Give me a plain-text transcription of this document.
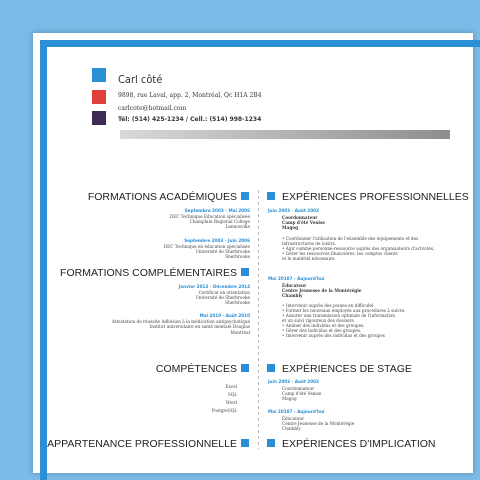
Carl côté
9898, rue Laval, app. 2, Montréal, Qc H1A 2B4
carlcote@hotmail.com
Tél: (514) 425-1234 / Cell.: (514) 998-1234
FORMATIONS ACADÉMIQUES
Septembre 2003 - Mai 2006
DEC Technique Éducation spécialisée
Champlain Regional College
Lennoxville
Septembre 2003 - Juin 2006
DEC Technique en éducation spécialisée
Université de Sherbrooke
Sherbrooke
FORMATIONS COMPLÉMENTAIRES
Janvier 2013 - Décembre 2014
Certificat en orientation
Université de Sherbrooke
Sherbrooke
Mai 2010 - Août 2010
Attestation de réussite Adhésion à la médication antipsychotique
Institut universitaire en santé mentale Douglas
Montréal
COMPÉTENCES
Excel
SQL
Word
PostgreSQL
APPARTENANCE PROFESSIONNELLE
EXPÉRIENCES PROFESSIONNELLES
Juin 2003 - Août 2003
Coordonnateur
Camp d'été Venise
Magog
• Coordonner l'utilisation de l'ensemble des équipements et des
infrastructures de loisirs.
• Agir comme personne-ressource auprès des organisateurs d'activités.
• Gérer les ressources financières, les comptes clients
et le matériel nécessaire.
Mai 20107 - Aujourd'hui
Éducateur
Centre Jeunesse de la Montérégie
Chambly
• Intervenir auprès des jeunes en difficulté.
• Former les nouveaux employés aux procédures à suivre.
• Assurer une transmission optimale de l'information
et un suivi rigoureux des dossiers.
• Animer des individus et des groupes.
• Gérer des individus et des groupes.
• Intervenir auprès des individus et des groupes
EXPÉRIENCES DE STAGE
Juin 2003 - Août 2003
Coordonnateur
Camp d'été Venise
Magog
Mai 20107 - Aujourd'hui
Éducateur
Centre Jeunesse de la Montérégie
Chambly
EXPÉRIENCES D'IMPLICATION
